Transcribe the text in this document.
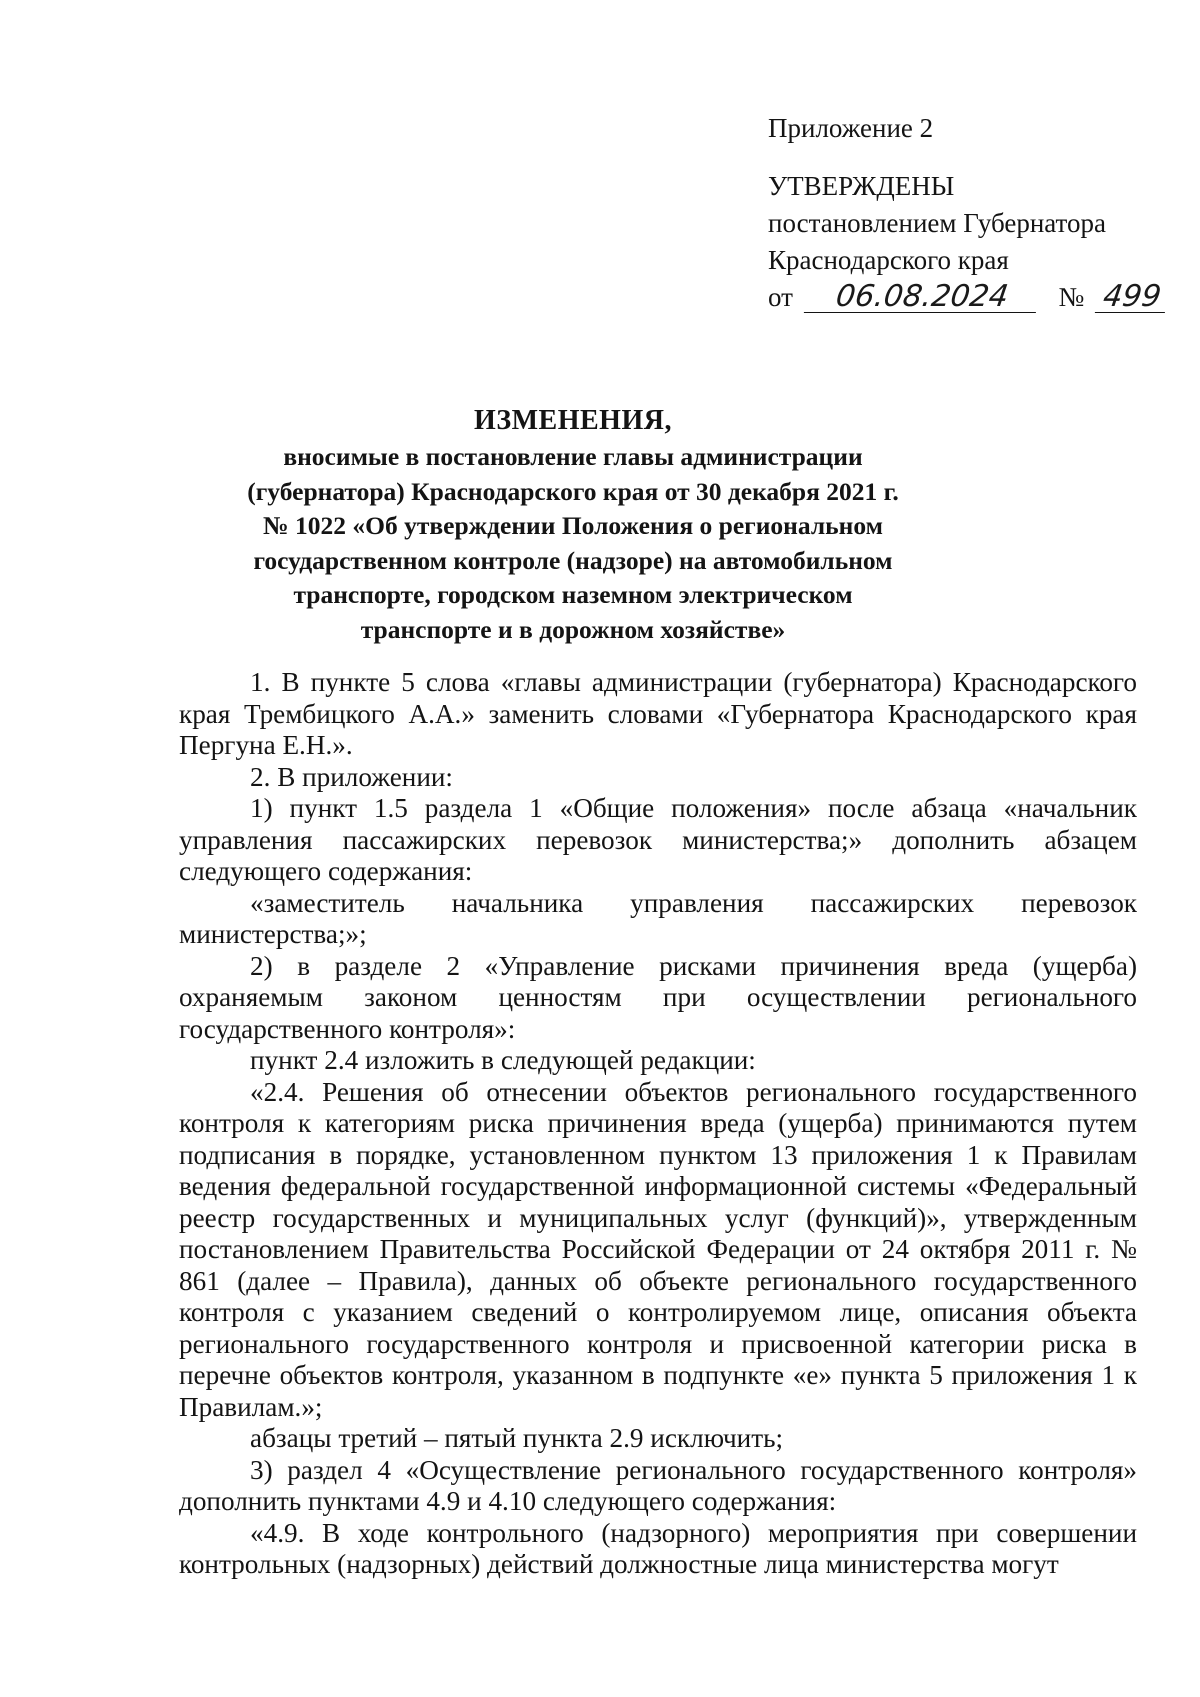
Приложение 2
УТВЕРЖДЕНЫ
постановлением Губернатора
Краснодарского края
от 06.08.2024 № 499
ИЗМЕНЕНИЯ,
вносимые в постановление главы администрации
(губернатора) Краснодарского края от 30 декабря 2021 г.
№ 1022 «Об утверждении Положения о региональном
государственном контроле (надзоре) на автомобильном
транспорте, городском наземном электрическом
транспорте и в дорожном хозяйстве»

1. В пункте 5 слова «главы администрации (губернатора) Краснодарского края Трембицкого А.А.» заменить словами «Губернатора Краснодарского края Пергуна Е.Н.».

2. В приложении:

1) пункт 1.5 раздела 1 «Общие положения» после абзаца «начальник управления пассажирских перевозок министерства;» дополнить абзацем следующего содержания:

«заместитель начальника управления пассажирских перевозок министерства;»;

2) в разделе 2 «Управление рисками причинения вреда (ущерба) охраняемым законом ценностям при осуществлении регионального государственного контроля»:

пункт 2.4 изложить в следующей редакции:

«2.4. Решения об отнесении объектов регионального государственного контроля к категориям риска причинения вреда (ущерба) принимаются путем подписания в порядке, установленном пунктом 13 приложения 1 к Правилам ведения федеральной государственной информационной системы «Федеральный реестр государственных и муниципальных услуг (функций)», утвержденным постановлением Правительства Российской Федерации от 24 октября 2011 г. № 861 (далее – Правила), данных об объекте регионального государственного контроля с указанием сведений о контролируемом лице, описания объекта регионального государственного контроля и присвоенной категории риска в перечне объектов контроля, указанном в подпункте «е» пункта 5 приложения 1 к Правилам.»;

абзацы третий – пятый пункта 2.9 исключить;

3) раздел 4 «Осуществление регионального государственного контроля» дополнить пунктами 4.9 и 4.10 следующего содержания:

«4.9. В ходе контрольного (надзорного) мероприятия при совершении контрольных (надзорных) действий должностные лица министерства могут
